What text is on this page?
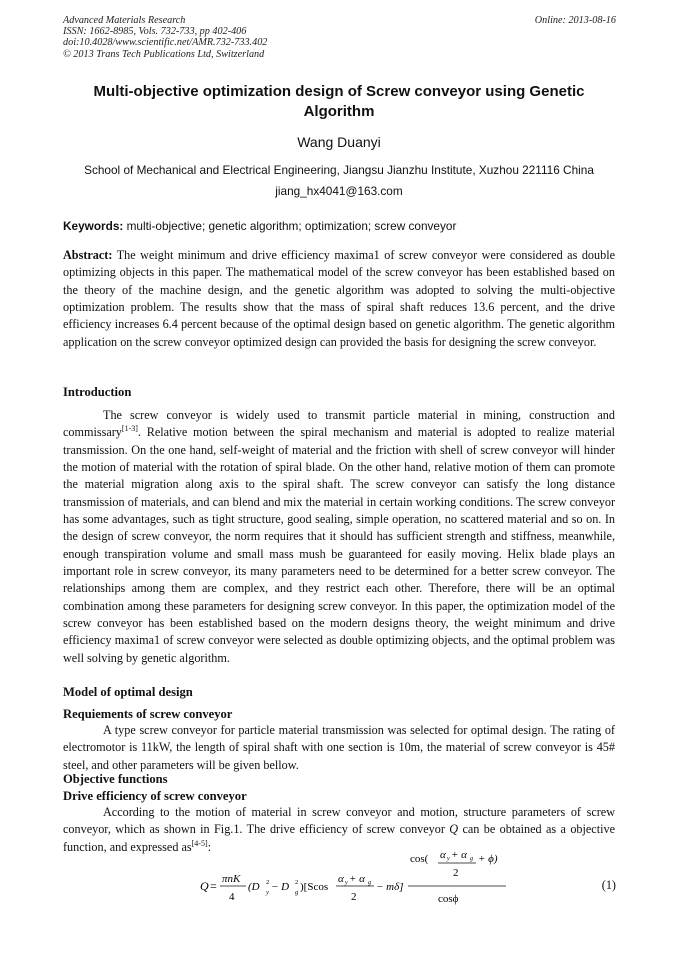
Advanced Materials Research
ISSN: 1662-8985, Vols. 732-733, pp 402-406
doi:10.4028/www.scientific.net/AMR.732-733.402
© 2013 Trans Tech Publications Ltd, Switzerland
Online: 2013-08-16
Multi-objective optimization design of Screw conveyor using Genetic Algorithm
Wang Duanyi
School of Mechanical and Electrical Engineering, Jiangsu Jianzhu Institute, Xuzhou 221116 China
jiang_hx4041@163.com
Keywords: multi-objective; genetic algorithm; optimization; screw conveyor
Abstract: The weight minimum and drive efficiency maxima1 of screw conveyor were considered as double optimizing objects in this paper. The mathematical model of the screw conveyor has been established based on the theory of the machine design, and the genetic algorithm was adopted to solving the multi-objective optimization problem. The results show that the mass of spiral shaft reduces 13.6 percent, and the drive efficiency increases 6.4 percent because of the optimal design based on genetic algorithm. The genetic algorithm application on the screw conveyor optimized design can provided the basis for designing the screw conveyor.
Introduction
The screw conveyor is widely used to transmit particle material in mining, construction and commissary[1-3]. Relative motion between the spiral mechanism and material is adopted to realize material transmission. On the one hand, self-weight of material and the friction with shell of screw conveyor will hinder the motion of material with the rotation of spiral blade. On the other hand, relative motion of them can promote the material migration along axis to the spiral shaft. The screw conveyor can satisfy the long distance transmission of materials, and can blend and mix the material in certain working conditions. The screw conveyor has some advantages, such as tight structure, good sealing, simple operation, no scattered material and so on. In the design of screw conveyor, the norm requires that it should has sufficient strength and stiffness, meanwhile, enough transpiration volume and small mass mush be guaranteed for easily moving. Helix blade plays an important role in screw conveyor, its many parameters need to be determined for a better screw conveyor. The relationships among them are complex, and they restrict each other. Therefore, there will be an optimal combination among these parameters for designing screw conveyor. In this paper, the optimization model of the screw conveyor has been established based on the modern designs theory, the weight minimum and drive efficiency maxima1 of screw conveyor were selected as double optimizing objects, and the optimal problem was well solving by genetic algorithm.
Model of optimal design
Requiements of screw conveyor
A type screw conveyor for particle material transmission was selected for optimal design. The rating of electromotor is 11kW, the length of spiral shaft with one section is 10m, the material of screw conveyor is 45# steel, and other parameters will be given bellow.
Objective functions
Drive efficiency of screw conveyor
According to the motion of material in screw conveyor and motion, structure parameters of screw conveyor, which as shown in Fig.1. The drive efficiency of screw conveyor Q can be obtained as a objective function, and expressed as[4-5]:
Q = πnK
4
(D y
2 − D g
2 )[Scos
α y + α g
2
− mδ]
cos( α y + α g
2
+ ϕ)
cosϕ
(1)
